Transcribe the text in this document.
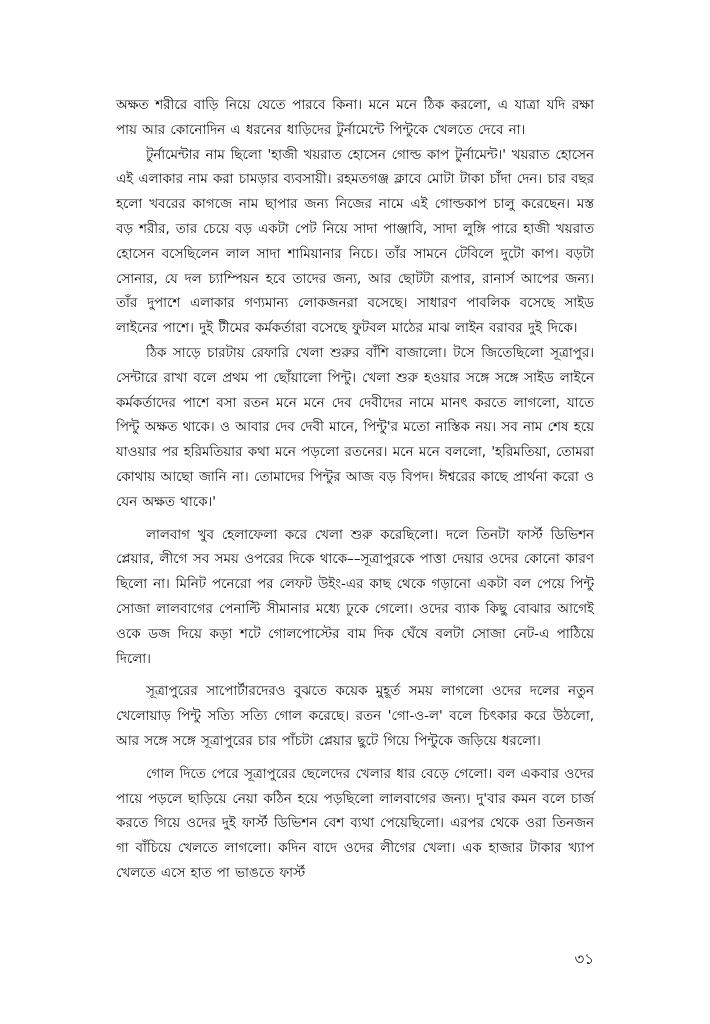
অক্ষত শরীরে বাড়ি নিয়ে যেতে পারবে কিনা। মনে মনে ঠিক করলো, এ যাত্রা যদি রক্ষা পায় আর কোনোদিন এ ধরনের ধাড়িদের টুর্নামেন্টে পিন্টুকে খেলতে দেবে না।

টুর্নামেন্টার নাম ছিলো 'হাজী খয়রাত হোসেন গোল্ড কাপ টুর্নামেন্ট।' খয়রাত হোসেন এই এলাকার নাম করা চামড়ার ব্যবসায়ী। রহমতগঞ্জ ক্লাবে মোটা টাকা চাঁদা দেন। চার বছর হলো খবরের কাগজে নাম ছাপার জন্য নিজের নামে এই গোল্ডকাপ চালু করেছেন। মস্ত বড় শরীর, তার চেয়ে বড় একটা পেট নিয়ে সাদা পাঞ্জাবি, সাদা লুঙ্গি পারে হাজী খয়রাত হোসেন বসেছিলেন লাল সাদা শামিয়ানার নিচে। তাঁর সামনে টেবিলে দুটো কাপ। বড়টা সোনার, যে দল চ্যাম্পিয়ন হবে তাদের জন্য, আর ছোটটা রূপার, রানার্স আপের জন্য। তাঁর দুপাশে এলাকার গণ্যমান্য লোকজনরা বসেছে। সাধারণ পাবলিক বসেছে সাইড লাইনের পাশে। দুই টীমের কর্মকর্তারা বসেছে ফুটবল মাঠের মাঝ লাইন বরাবর দুই দিকে।

ঠিক সাড়ে চারটায় রেফারি খেলা শুরুর বাঁশি বাজালো। টসে জিতেছিলো সূত্রাপুর। সেন্টারে রাখা বলে প্রথম পা ছোঁয়ালো পিন্টু। খেলা শুরু হওয়ার সঙ্গে সঙ্গে সাইড লাইনে কর্মকর্তাদের পাশে বসা রতন মনে মনে দেব দেবীদের নামে মানৎ করতে লাগলো, যাতে পিন্টু অক্ষত থাকে। ও আবার দেব দেবী মানে, পিন্টু'র মতো নাস্তিক নয়। সব নাম শেষ হয়ে যাওয়ার পর হরিমতিয়ার কথা মনে পড়লো রতনের। মনে মনে বললো, 'হরিমতিয়া, তোমরা কোথায় আছো জানি না। তোমাদের পিন্টুর আজ বড় বিপদ। ঈশ্বরের কাছে প্রার্থনা করো ও যেন অক্ষত থাকে।'

লালবাগ খুব হেলাফেলা করে খেলা শুরু করেছিলো। দলে তিনটা ফার্স্ট ডিভিশন প্লেয়ার, লীগে সব সময় ওপরের দিকে থাকে––সূত্রাপুরকে পাত্তা দেয়ার ওদের কোনো কারণ ছিলো না। মিনিট পনেরো পর লেফট উইং-এর কাছ থেকে গড়ানো একটা বল পেয়ে পিন্টু সোজা লালবাগের পেনাল্টি সীমানার মধ্যে ঢুকে গেলো। ওদের ব্যাক কিছু বোঝার আগেই ওকে ডজ দিয়ে কড়া শটে গোলপোস্টের বাম দিক ঘেঁষে বলটা সোজা নেট-এ পাঠিয়ে দিলো।

সূত্রাপুরের সাপোর্টারদেরও বুঝতে কয়েক মুহূর্ত সময় লাগলো ওদের দলের নতুন খেলোয়াড় পিন্টু সত্যি সত্যি গোল করেছে। রতন 'গো-ও-ল' বলে চিৎকার করে উঠলো, আর সঙ্গে সঙ্গে সূত্রাপুরের চার পাঁচটা প্লেয়ার ছুটে গিয়ে পিন্টুকে জড়িয়ে ধরলো।

গোল দিতে পেরে সূত্রাপুরের ছেলেদের খেলার ধার বেড়ে গেলো। বল একবার ওদের পায়ে পড়লে ছাড়িয়ে নেয়া কঠিন হয়ে পড়ছিলো লালবাগের জন্য। দু'বার কমন বলে চার্জ করতে গিয়ে ওদের দুই ফার্স্ট ডিভিশন বেশ ব্যথা পেয়েছিলো। এরপর থেকে ওরা তিনজন গা বাঁচিয়ে খেলতে লাগলো। কদিন বাদে ওদের লীগের খেলা। এক হাজার টাকার খ্যাপ খেলতে এসে হাত পা ভাঙতে ফার্স্ট

৩১
